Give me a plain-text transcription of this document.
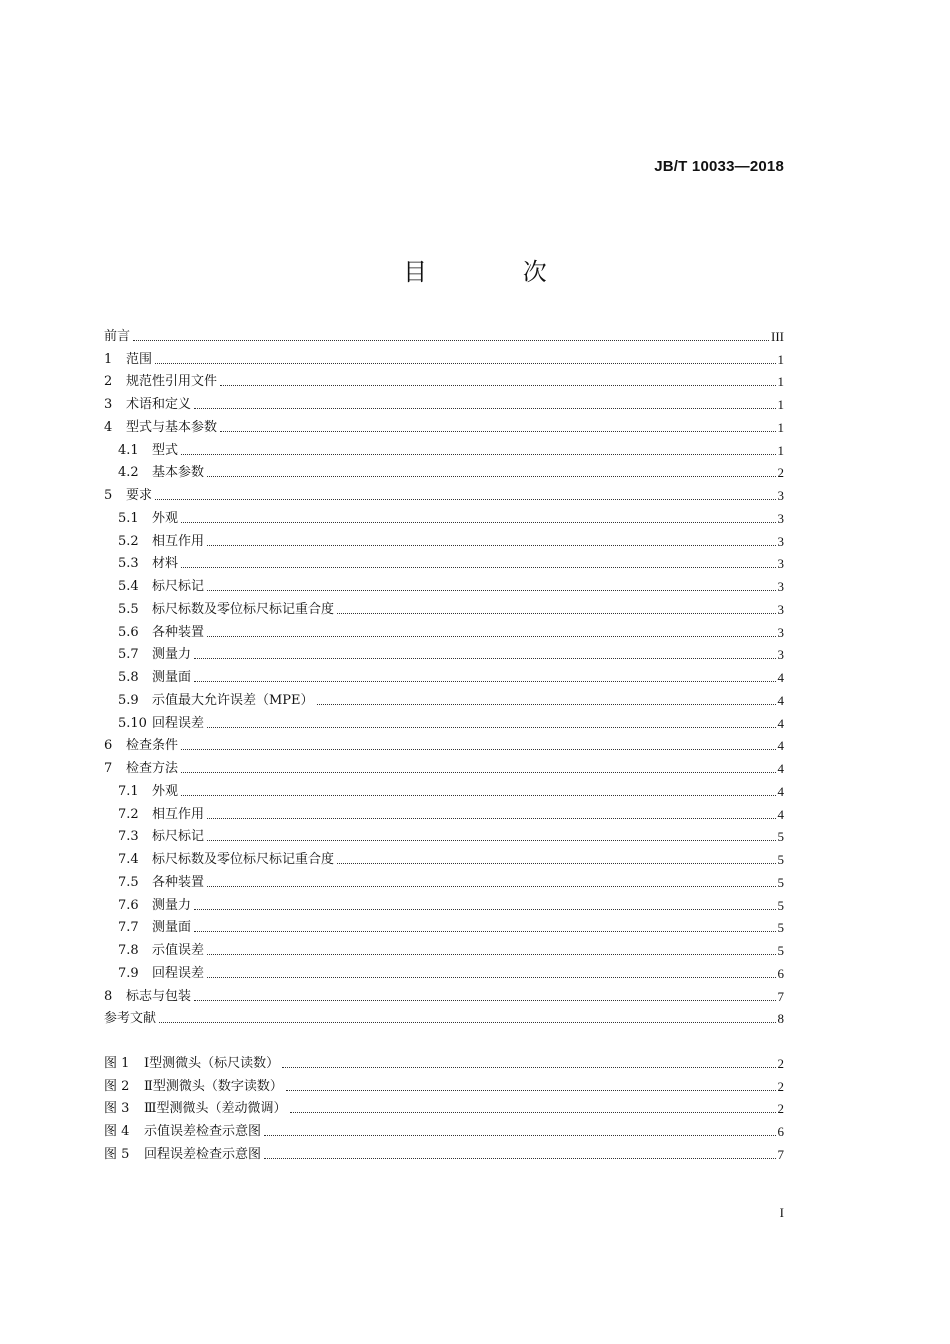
JB/T 10033—2018
目 次
前言	III
1	范围	1
2	规范性引用文件	1
3	术语和定义	1
4	型式与基本参数	1
4.1	型式	1
4.2	基本参数	2
5	要求	3
5.1	外观	3
5.2	相互作用	3
5.3	材料	3
5.4	标尺标记	3
5.5	标尺标数及零位标尺标记重合度	3
5.6	各种装置	3
5.7	测量力	3
5.8	测量面	4
5.9	示值最大允许误差（MPE）	4
5.10 回程误差	4
6	检查条件	4
7	检查方法	4
7.1	外观	4
7.2	相互作用	4
7.3	标尺标记	5
7.4	标尺标数及零位标尺标记重合度	5
7.5	各种装置	5
7.6	测量力	5
7.7	测量面	5
7.8	示值误差	5
7.9	回程误差	6
8	标志与包装	7
参考文献	8
图 1	Ⅰ型测微头（标尺读数）	2
图 2	Ⅱ型测微头（数字读数）	2
图 3	Ⅲ型测微头（差动微调）	2
图 4	示值误差检查示意图	6
图 5	回程误差检查示意图	7
I
